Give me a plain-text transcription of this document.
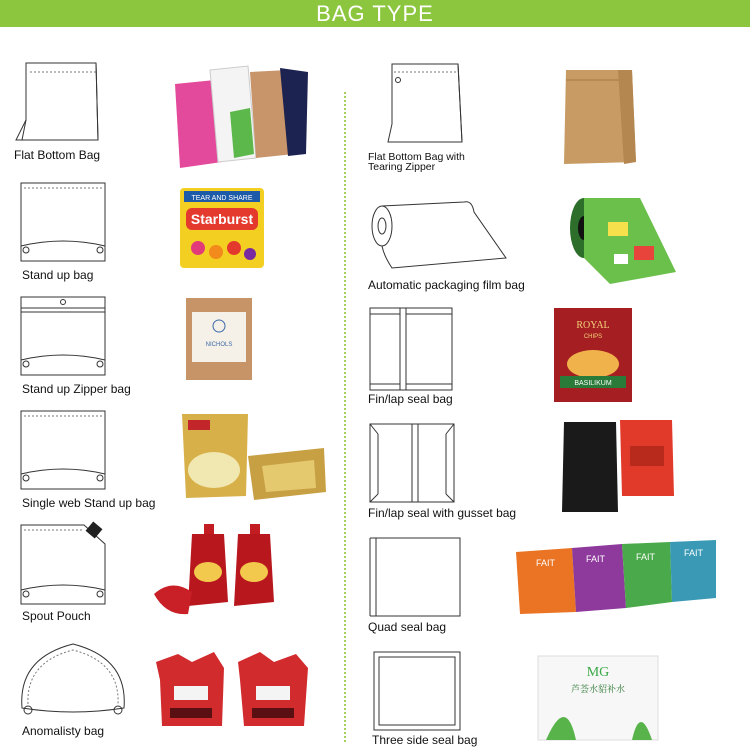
BAG TYPE
Flat Bottom Bag
Stand up bag
TEAR AND SHARE
Starburst
Stand up Zipper bag
NICHOLS
Single web Stand up bag
Spout Pouch
Anomalisty bag
Flat Bottom Bag with
Tearing Zipper
Automatic packaging film bag
Fin/lap seal bag
ROYAL
CHIPS
BASILIKUM
Fin/lap seal with gusset bag
Quad seal bag
FAIT	FAIT	FAIT	FAIT
Three side seal bag
MG
芦荟水貂补水
